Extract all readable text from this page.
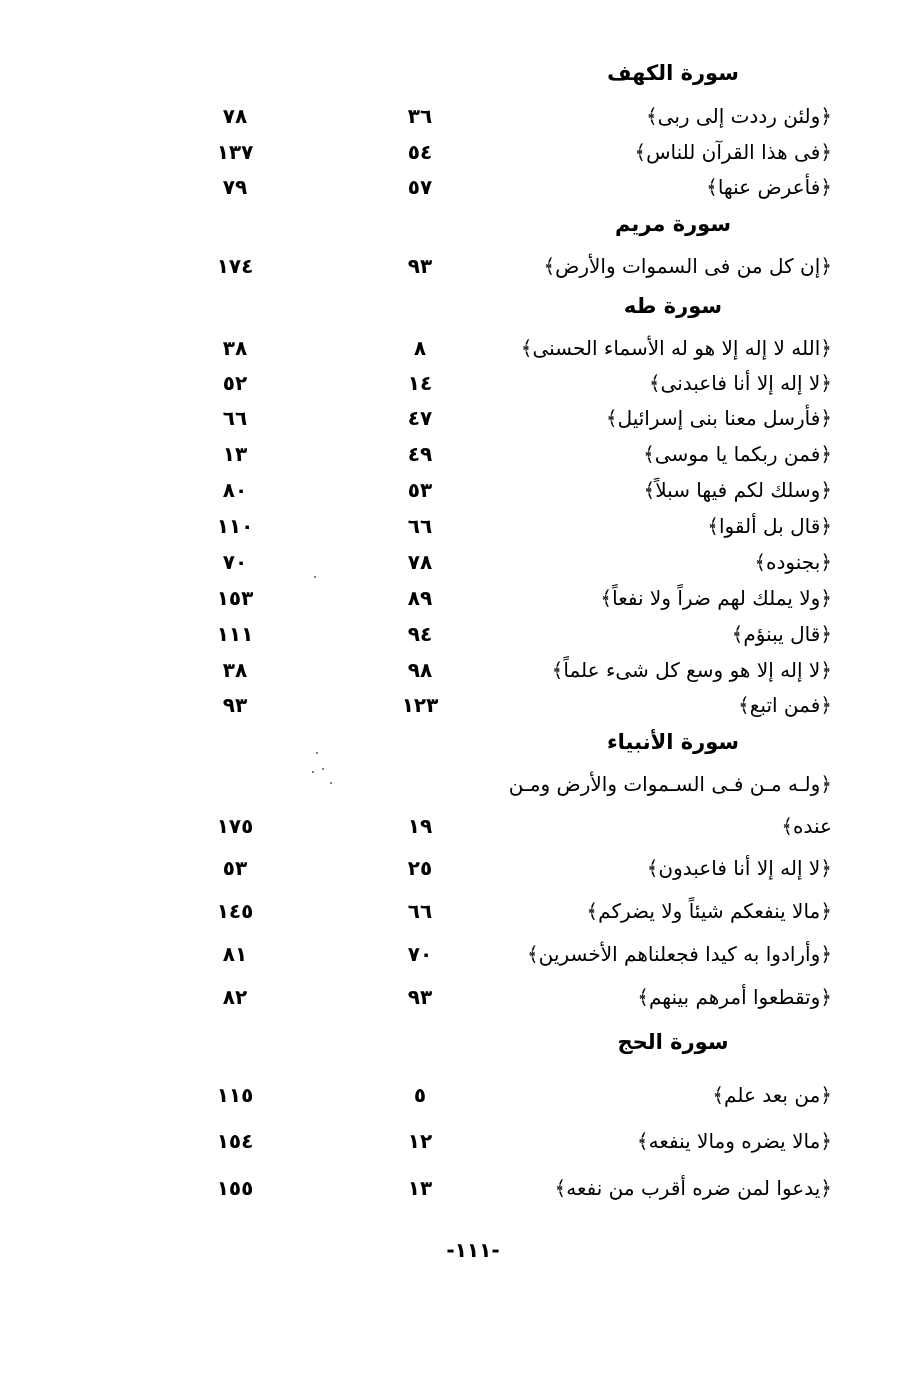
سورة الكهف
﴿ولئن رددت إلى ربى﴾
٣٦
٧٨
﴿فى هذا القرآن للناس﴾
٥٤
١٣٧
﴿فأعرض عنها﴾
٥٧
٧٩
سورة مريم
﴿إن كل من فى السموات والأرض﴾
٩٣
١٧٤
سورة طه
﴿الله لا إله إلا هو له الأسماء الحسنى﴾
٨
٣٨
﴿لا إله إلا أنا فاعبدنى﴾
١٤
٥٢
﴿فأرسل معنا بنى إسرائيل﴾
٤٧
٦٦
﴿فمن ربكما يا موسى﴾
٤٩
١٣
﴿وسلك لكم فيها سبلاً﴾
٥٣
٨٠
﴿قال بل ألقوا﴾
٦٦
١١٠
﴿بجنوده﴾
٧٨
٧٠
﴿ولا يملك لهم ضراً ولا نفعاً﴾
٨٩
١٥٣
﴿قال يبنؤم﴾
٩٤
١١١
﴿لا إله إلا هو وسع كل شىء علماً﴾
٩٨
٣٨
﴿فمن اتبع﴾
١٢٣
٩٣
سورة الأنبياء
﴿ولـه مـن فـى السـموات والأرض ومـن
عنده﴾
١٩
١٧٥
﴿لا إله إلا أنا فاعبدون﴾
٢٥
٥٣
﴿مالا ينفعكم شيئاً ولا يضركم﴾
٦٦
١٤٥
﴿وأرادوا به كيدا فجعلناهم الأخسرين﴾
٧٠
٨١
﴿وتقطعوا أمرهم بينهم﴾
٩٣
٨٢
سورة الحج
﴿من بعد علم﴾
٥
١١٥
﴿مالا يضره ومالا ينفعه﴾
١٢
١٥٤
﴿يدعوا لمن ضره أقرب من نفعه﴾
١٣
١٥٥
-١١١-
